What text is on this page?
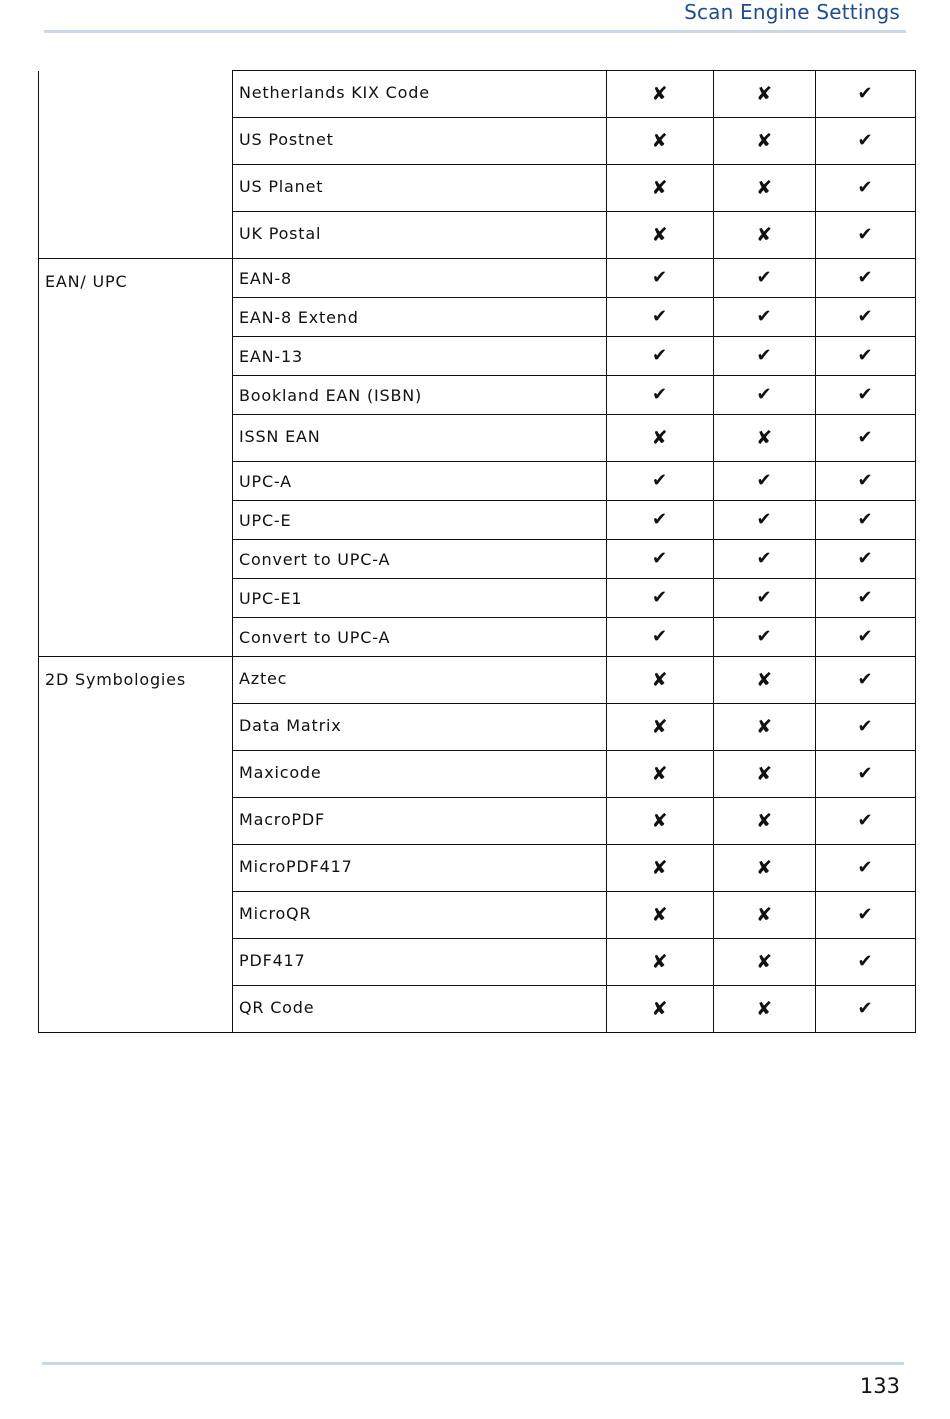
Scan Engine Settings
	Netherlands KIX Code	✘	✘	✔
	US Postnet	✘	✘	✔
	US Planet	✘	✘	✔
	UK Postal	✘	✘	✔
EAN/ UPC	EAN-8	✔	✔	✔
	EAN-8 Extend	✔	✔	✔
	EAN-13	✔	✔	✔
	Bookland EAN (ISBN)	✔	✔	✔
	ISSN EAN	✘	✘	✔
	UPC-A	✔	✔	✔
	UPC-E	✔	✔	✔
	Convert to UPC-A	✔	✔	✔
	UPC-E1	✔	✔	✔
	Convert to UPC-A	✔	✔	✔
2D Symbologies	Aztec	✘	✘	✔
	Data Matrix	✘	✘	✔
	Maxicode	✘	✘	✔
	MacroPDF	✘	✘	✔
	MicroPDF417	✘	✘	✔
	MicroQR	✘	✘	✔
	PDF417	✘	✘	✔
	QR Code	✘	✘	✔
133
